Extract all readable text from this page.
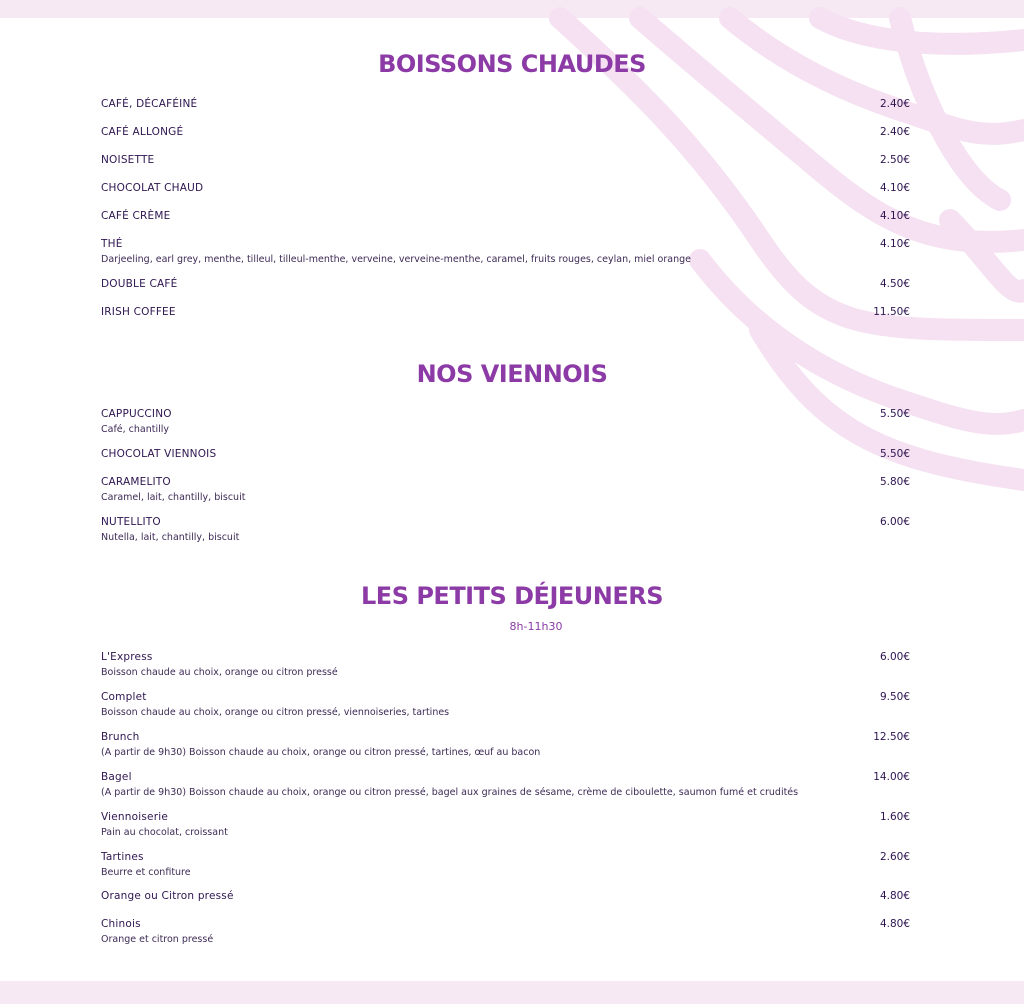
BOISSONS CHAUDES
CAFÉ, DÉCAFÉINÉ	2.40€
CAFÉ ALLONGÉ	2.40€
NOISETTE	2.50€
CHOCOLAT CHAUD	4.10€
CAFÉ CRÈME	4.10€
THÉ	4.10€
Darjeeling, earl grey, menthe, tilleul, tilleul-menthe, verveine, verveine-menthe, caramel, fruits rouges, ceylan, miel orange
DOUBLE CAFÉ	4.50€
IRISH COFFEE	11.50€
NOS VIENNOIS
CAPPUCCINO	5.50€
Café, chantilly
CHOCOLAT VIENNOIS	5.50€
CARAMELITO	5.80€
Caramel, lait, chantilly, biscuit
NUTELLITO	6.00€
Nutella, lait, chantilly, biscuit
LES PETITS DÉJEUNERS
8h-11h30
L'Express	6.00€
Boisson chaude au choix, orange ou citron pressé
Complet	9.50€
Boisson chaude au choix, orange ou citron pressé, viennoiseries, tartines
Brunch	12.50€
(A partir de 9h30) Boisson chaude au choix, orange ou citron pressé, tartines, œuf au bacon
Bagel	14.00€
(A partir de 9h30) Boisson chaude au choix, orange ou citron pressé, bagel aux graines de sésame, crème de ciboulette, saumon fumé et crudités
Viennoiserie	1.60€
Pain au chocolat, croissant
Tartines	2.60€
Beurre et confiture
Orange ou Citron pressé	4.80€
Chinois	4.80€
Orange et citron pressé
